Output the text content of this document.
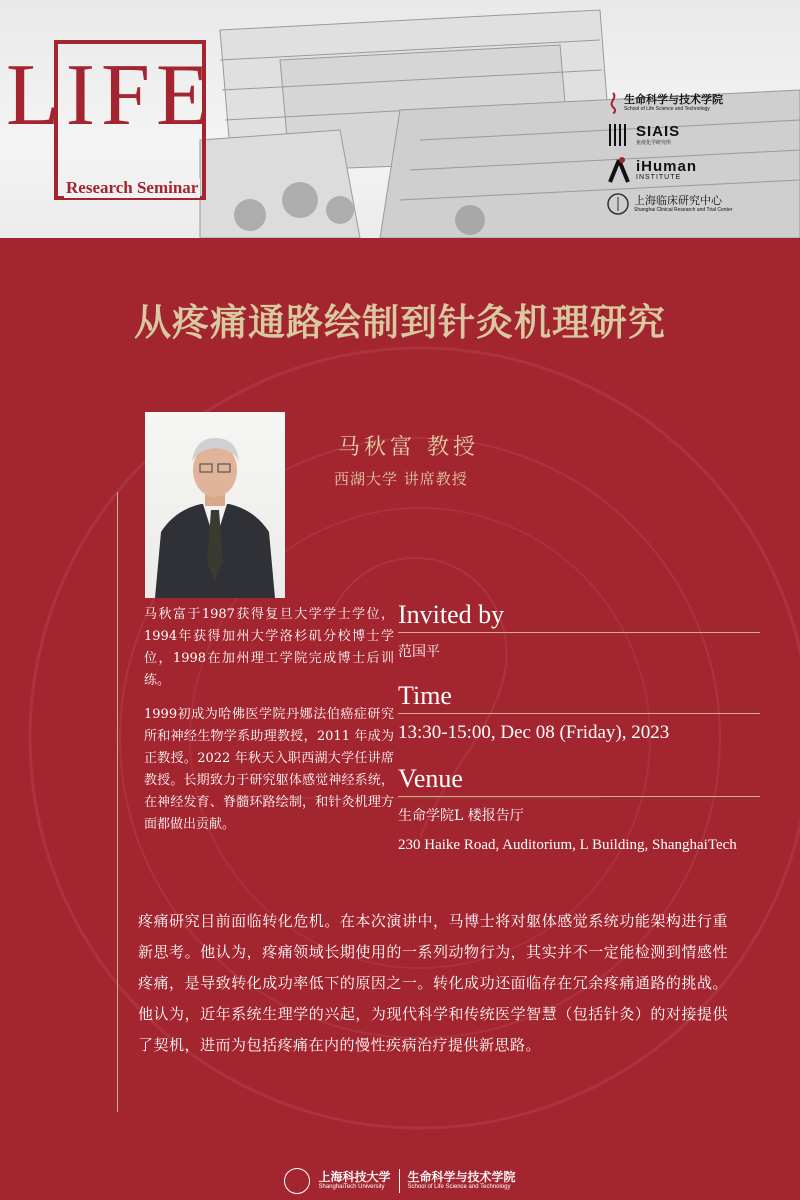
LIFE
Research Seminar
生命科学与技术学院
School of Life Science and Technology
SIAIS
免疫化学研究所
iHuman
INSTITUTE
上海临床研究中心
Shanghai Clinical Research and Trial Center
从疼痛通路绘制到针灸机理研究
马秋富 教授
西湖大学 讲席教授

马秋富于1987获得复旦大学学士学位，1994年获得加州大学洛杉矶分校博士学位，1998在加州理工学院完成博士后训练。

1999初成为哈佛医学院丹娜法伯癌症研究所和神经生物学系助理教授，2011 年成为正教授。2022 年秋天入职西湖大学任讲席教授。长期致力于研究躯体感觉神经系统，在神经发育、脊髓环路绘制，和针灸机理方面都做出贡献。

Invited by
范国平
Time
13:30-15:00, Dec 08 (Friday), 2023
Venue
生命学院L 楼报告厅
230 Haike Road, Auditorium, L Building, ShanghaiTech
疼痛研究目前面临转化危机。在本次演讲中，马博士将对躯体感觉系统功能架构进行重新思考。他认为，疼痛领域长期使用的一系列动物行为，其实并不一定能检测到情感性疼痛，是导致转化成功率低下的原因之一。转化成功还面临存在冗余疼痛通路的挑战。 他认为，近年系统生理学的兴起，为现代科学和传统医学智慧（包括针灸）的对接提供了契机，进而为包括疼痛在内的慢性疾病治疗提供新思路。
上海科技大学
ShanghaiTech University
生命科学与技术学院
School of Life Science and Technology
